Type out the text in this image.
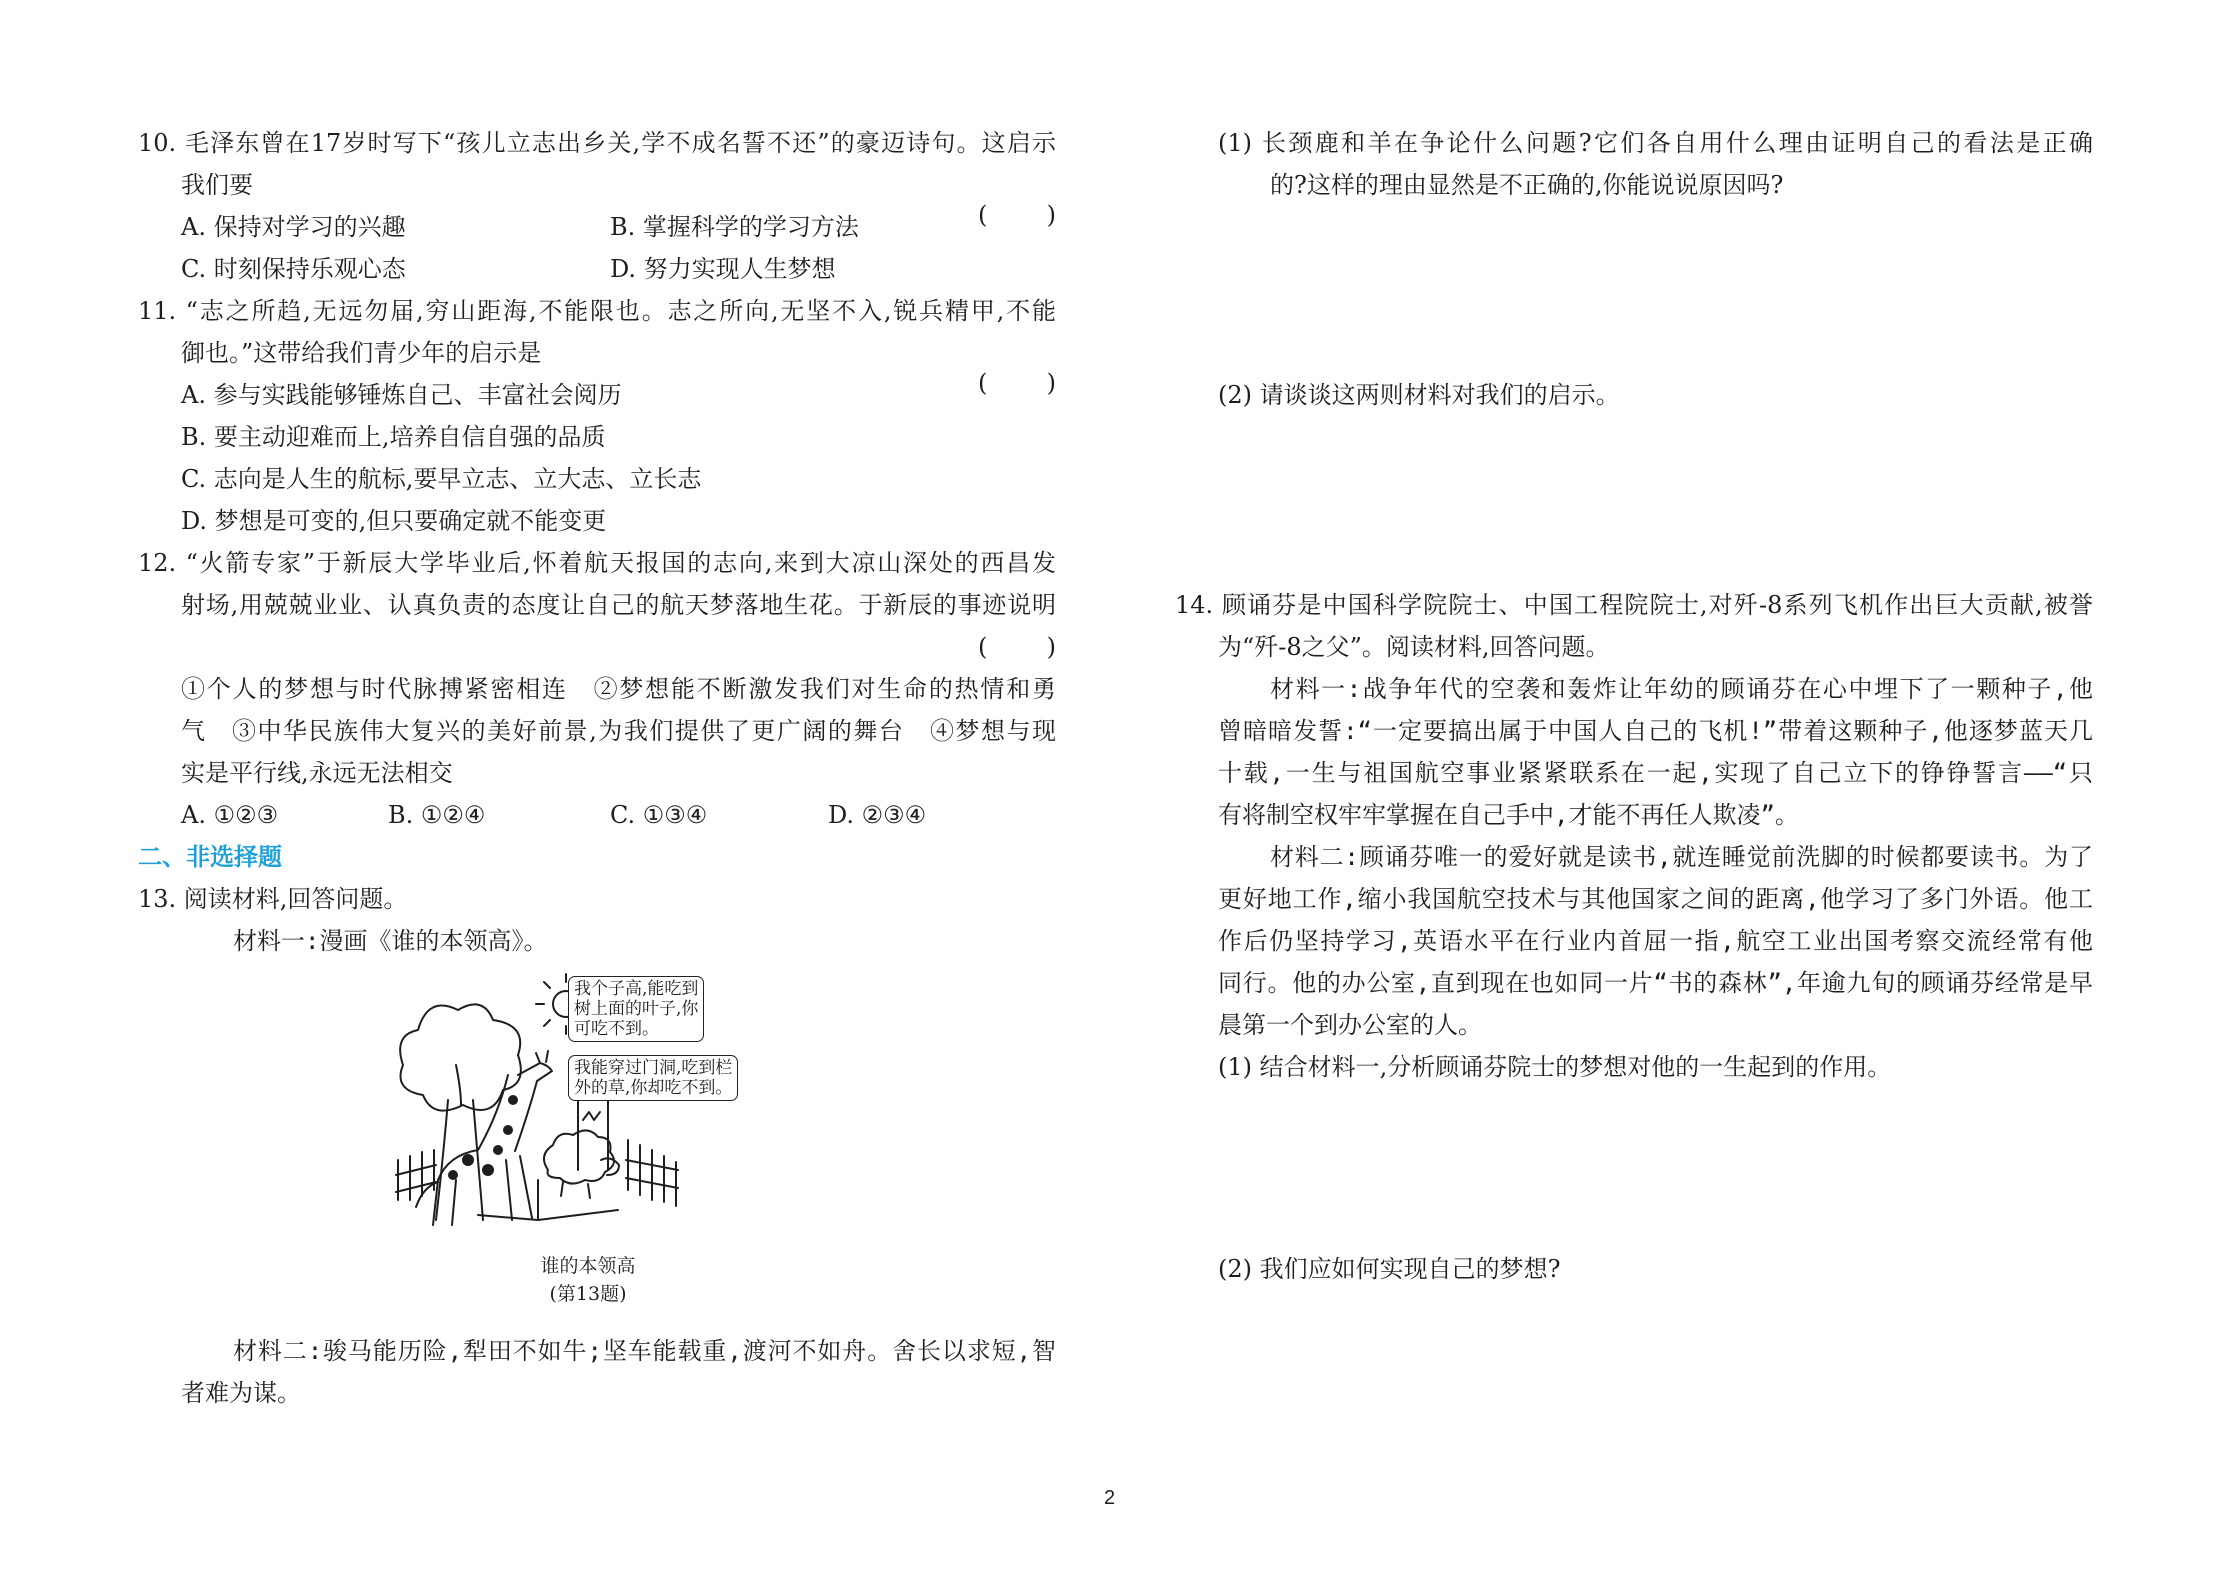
10. 毛泽东曾在17岁时写下“孩儿立志出乡关,学不成名誓不还”的豪迈诗句。这启示
我们要
( )
A. 保持对学习的兴趣	B. 掌握科学的学习方法
C. 时刻保持乐观心态	D. 努力实现人生梦想
11. “志之所趋,无远勿届,穷山距海,不能限也。志之所向,无坚不入,锐兵精甲,不能
御也。”这带给我们青少年的启示是
( )
A. 参与实践能够锤炼自己、丰富社会阅历
B. 要主动迎难而上,培养自信自强的品质
C. 志向是人生的航标,要早立志、立大志、立长志
D. 梦想是可变的,但只要确定就不能变更
12. “火箭专家”于新辰大学毕业后,怀着航天报国的志向,来到大凉山深处的西昌发
射场,用兢兢业业、认真负责的态度让自己的航天梦落地生花。于新辰的事迹说明
( )
①个人的梦想与时代脉搏紧密相连　②梦想能不断激发我们对生命的热情和勇
气　③中华民族伟大复兴的美好前景,为我们提供了更广阔的舞台　④梦想与现
实是平行线,永远无法相交
A. ①②③	B. ①②④	C. ①③④	D. ②③④
二、非选择题
13. 阅读材料,回答问题。
材料一:漫画《谁的本领高》。
我个子高,能吃到
树上面的叶子,你
可吃不到。
我能穿过门洞,吃到栏
外的草,你却吃不到。
谁的本领高
(第13题)
材料二:骏马能历险,犁田不如牛;坚车能载重,渡河不如舟。舍长以求短,智
者难为谋。
(1) 长颈鹿和羊在争论什么问题?它们各自用什么理由证明自己的看法是正确
的?这样的理由显然是不正确的,你能说说原因吗?
(2) 请谈谈这两则材料对我们的启示。
14. 顾诵芬是中国科学院院士、中国工程院院士,对歼-8系列飞机作出巨大贡献,被誉
为“歼-8之父”。阅读材料,回答问题。
材料一:战争年代的空袭和轰炸让年幼的顾诵芬在心中埋下了一颗种子,他
曾暗暗发誓:“一定要搞出属于中国人自己的飞机!”带着这颗种子,他逐梦蓝天几
十载,一生与祖国航空事业紧紧联系在一起,实现了自己立下的铮铮誓言——“只
有将制空权牢牢掌握在自己手中,才能不再任人欺凌”。
材料二:顾诵芬唯一的爱好就是读书,就连睡觉前洗脚的时候都要读书。为了
更好地工作,缩小我国航空技术与其他国家之间的距离,他学习了多门外语。他工
作后仍坚持学习,英语水平在行业内首屈一指,航空工业出国考察交流经常有他
同行。他的办公室,直到现在也如同一片“书的森林”,年逾九旬的顾诵芬经常是早
晨第一个到办公室的人。
(1) 结合材料一,分析顾诵芬院士的梦想对他的一生起到的作用。
(2) 我们应如何实现自己的梦想?
2
